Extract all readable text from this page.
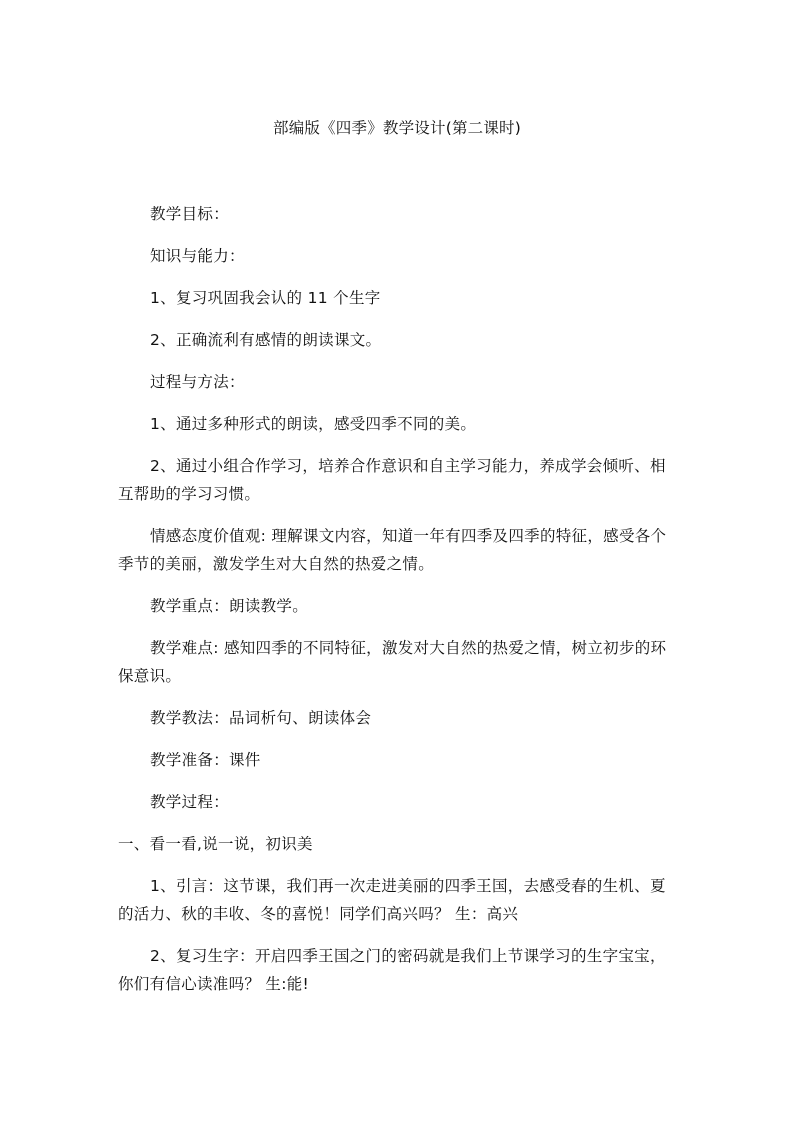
部编版《四季》教学设计(第二课时)

教学目标：

知识与能力：

1、复习巩固我会认的 11 个生字

2、正确流利有感情的朗读课文。

过程与方法：

1、通过多种形式的朗读，感受四季不同的美。

2、通过小组合作学习，培养合作意识和自主学习能力，养成学会倾听、相互帮助的学习习惯。

情感态度价值观: 理解课文内容，知道一年有四季及四季的特征，感受各个季节的美丽，激发学生对大自然的热爱之情。

教学重点：朗读教学。

教学难点: 感知四季的不同特征，激发对大自然的热爱之情，树立初步的环保意识。

教学教法：品词析句、朗读体会

教学准备：课件

教学过程：

一、看一看,说一说，初识美

1、引言：这节课，我们再一次走进美丽的四季王国，去感受春的生机、夏的活力、秋的丰收、冬的喜悦！同学们高兴吗？ 生：高兴

2、复习生字：开启四季王国之门的密码就是我们上节课学习的生字宝宝，你们有信心读准吗？ 生:能!
